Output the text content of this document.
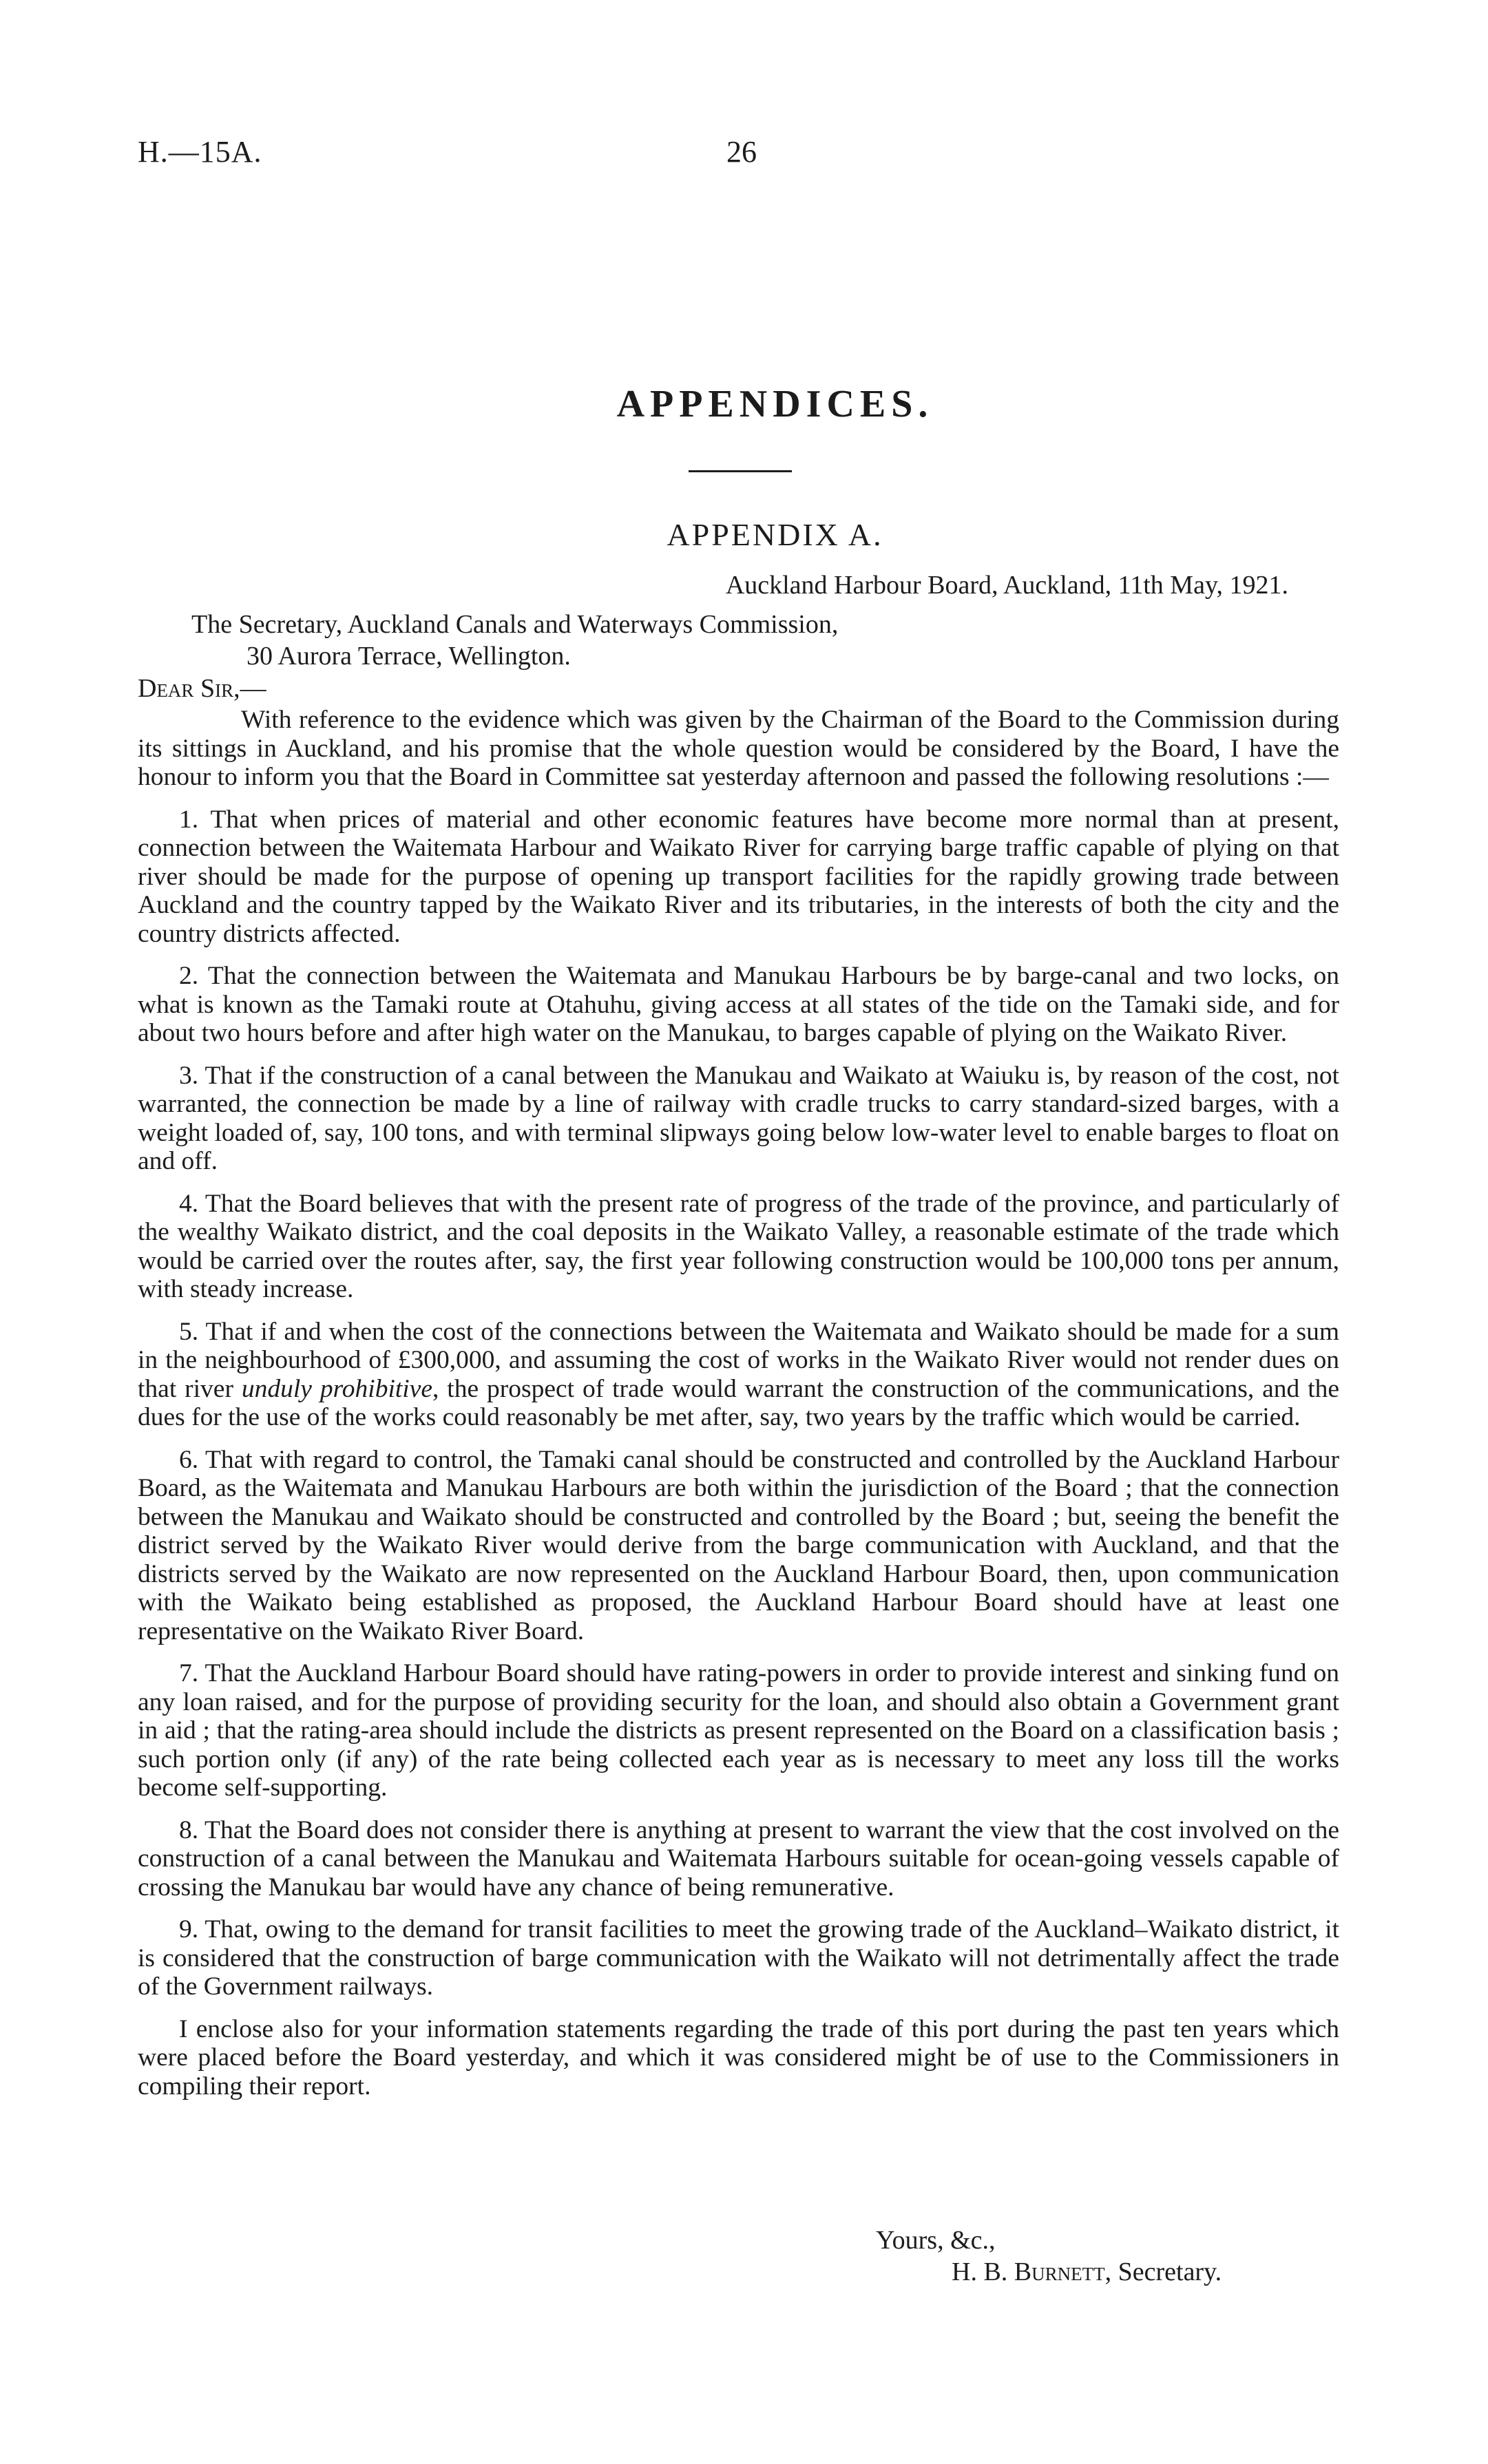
H.—15A.	26
APPENDICES.
APPENDIX A.
Auckland Harbour Board, Auckland, 11th May, 1921.
The Secretary, Auckland Canals and Waterways Commission,
30 Aurora Terrace, Wellington.
Dear Sir,—

With reference to the evidence which was given by the Chairman of the Board to the Commission during its sittings in Auckland, and his promise that the whole question would be considered by the Board, I have the honour to inform you that the Board in Committee sat yesterday afternoon and passed the following resolutions :—

1. That when prices of material and other economic features have become more normal than at present, connection between the Waitemata Harbour and Waikato River for carrying barge traffic capable of plying on that river should be made for the purpose of opening up transport facilities for the rapidly growing trade between Auckland and the country tapped by the Waikato River and its tributaries, in the interests of both the city and the country districts affected.

2. That the connection between the Waitemata and Manukau Harbours be by barge-canal and two locks, on what is known as the Tamaki route at Otahuhu, giving access at all states of the tide on the Tamaki side, and for about two hours before and after high water on the Manukau, to barges capable of plying on the Waikato River.

3. That if the construction of a canal between the Manukau and Waikato at Waiuku is, by reason of the cost, not warranted, the connection be made by a line of railway with cradle trucks to carry standard-sized barges, with a weight loaded of, say, 100 tons, and with terminal slipways going below low-water level to enable barges to float on and off.

4. That the Board believes that with the present rate of progress of the trade of the province, and particularly of the wealthy Waikato district, and the coal deposits in the Waikato Valley, a reasonable estimate of the trade which would be carried over the routes after, say, the first year following construction would be 100,000 tons per annum, with steady increase.

5. That if and when the cost of the connections between the Waitemata and Waikato should be made for a sum in the neighbourhood of £300,000, and assuming the cost of works in the Waikato River would not render dues on that river unduly prohibitive, the prospect of trade would warrant the construction of the communications, and the dues for the use of the works could reasonably be met after, say, two years by the traffic which would be carried.

6. That with regard to control, the Tamaki canal should be constructed and controlled by the Auckland Harbour Board, as the Waitemata and Manukau Harbours are both within the jurisdiction of the Board ; that the connection between the Manukau and Waikato should be constructed and controlled by the Board ; but, seeing the benefit the district served by the Waikato River would derive from the barge communication with Auckland, and that the districts served by the Waikato are now represented on the Auckland Harbour Board, then, upon communication with the Waikato being established as proposed, the Auckland Harbour Board should have at least one representative on the Waikato River Board.

7. That the Auckland Harbour Board should have rating-powers in order to provide interest and sinking fund on any loan raised, and for the purpose of providing security for the loan, and should also obtain a Government grant in aid ; that the rating-area should include the districts as present represented on the Board on a classification basis ; such portion only (if any) of the rate being collected each year as is necessary to meet any loss till the works become self-supporting.

8. That the Board does not consider there is anything at present to warrant the view that the cost involved on the construction of a canal between the Manukau and Waitemata Harbours suitable for ocean-going vessels capable of crossing the Manukau bar would have any chance of being remunerative.

9. That, owing to the demand for transit facilities to meet the growing trade of the Auckland–Waikato district, it is considered that the construction of barge communication with the Waikato will not detrimentally affect the trade of the Government railways.

I enclose also for your information statements regarding the trade of this port during the past ten years which were placed before the Board yesterday, and which it was considered might be of use to the Commissioners in compiling their report.

Yours, &c.,
H. B. Burnett, Secretary.
